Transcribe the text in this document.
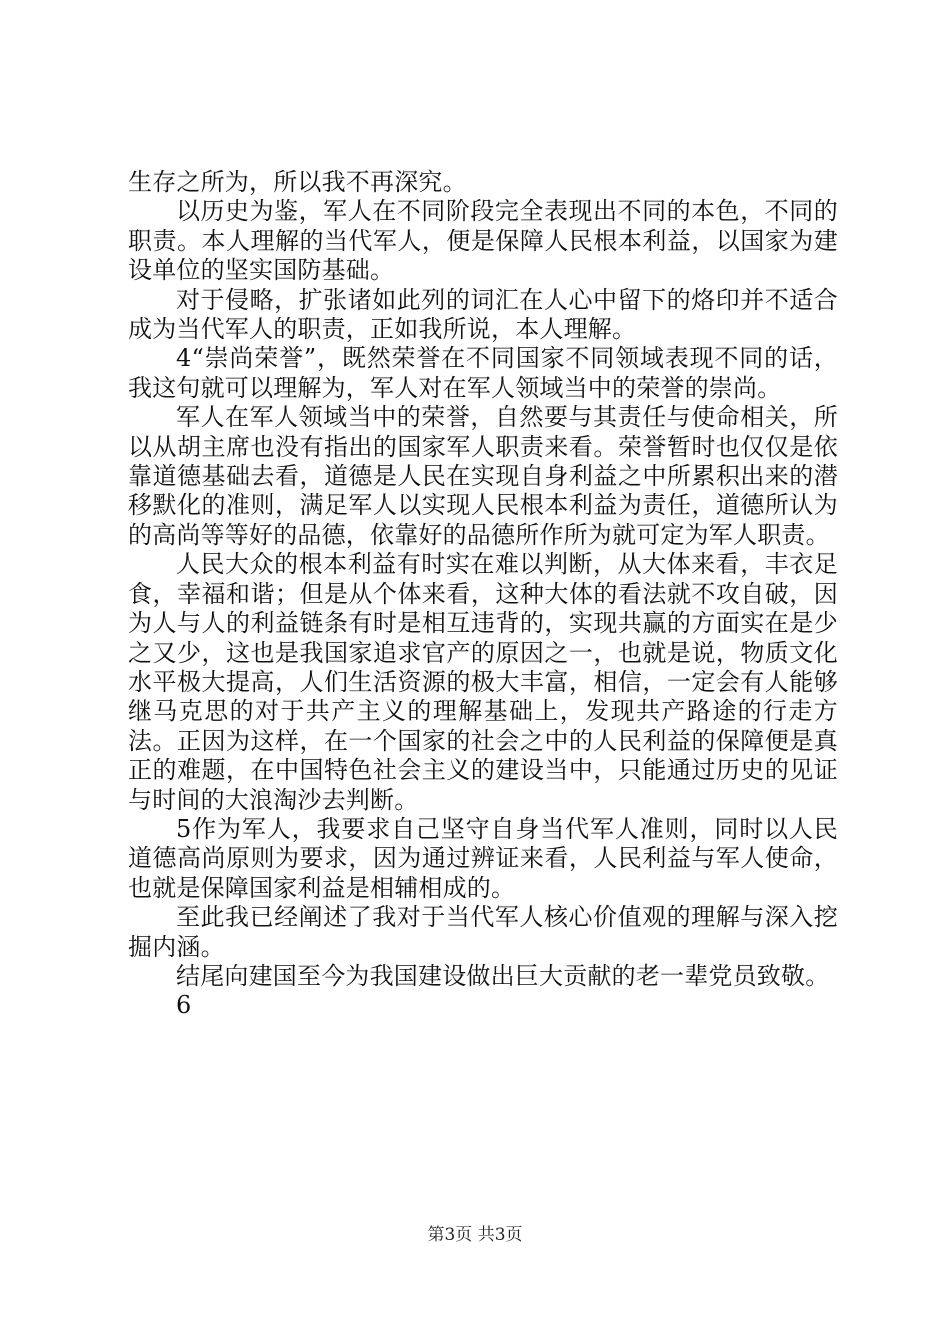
生存之所为，所以我不再深究。

以历史为鉴，军人在不同阶段完全表现出不同的本色，不同的职责。本人理解的当代军人，便是保障人民根本利益，以国家为建设单位的坚实国防基础。

对于侵略，扩张诸如此列的词汇在人心中留下的烙印并不适合成为当代军人的职责，正如我所说，本人理解。

4“崇尚荣誉”，既然荣誉在不同国家不同领域表现不同的话，我这句就可以理解为，军人对在军人领域当中的荣誉的崇尚。

军人在军人领域当中的荣誉，自然要与其责任与使命相关，所以从胡主席也没有指出的国家军人职责来看。荣誉暂时也仅仅是依靠道德基础去看，道德是人民在实现自身利益之中所累积出来的潜移默化的准则，满足军人以实现人民根本利益为责任，道德所认为的高尚等等好的品德，依靠好的品德所作所为就可定为军人职责。

人民大众的根本利益有时实在难以判断，从大体来看，丰衣足食，幸福和谐；但是从个体来看，这种大体的看法就不攻自破，因为人与人的利益链条有时是相互违背的，实现共赢的方面实在是少之又少，这也是我国家追求官产的原因之一，也就是说，物质文化水平极大提高，人们生活资源的极大丰富，相信，一定会有人能够继马克思的对于共产主义的理解基础上，发现共产路途的行走方法。正因为这样，在一个国家的社会之中的人民利益的保障便是真正的难题，在中国特色社会主义的建设当中，只能通过历史的见证与时间的大浪淘沙去判断。

5作为军人，我要求自己坚守自身当代军人准则，同时以人民道德高尚原则为要求，因为通过辨证来看，人民利益与军人使命，也就是保障国家利益是相辅相成的。

至此我已经阐述了我对于当代军人核心价值观的理解与深入挖掘内涵。

结尾向建国至今为我国建设做出巨大贡献的老一辈党员致敬。

6

第3页 共3页
